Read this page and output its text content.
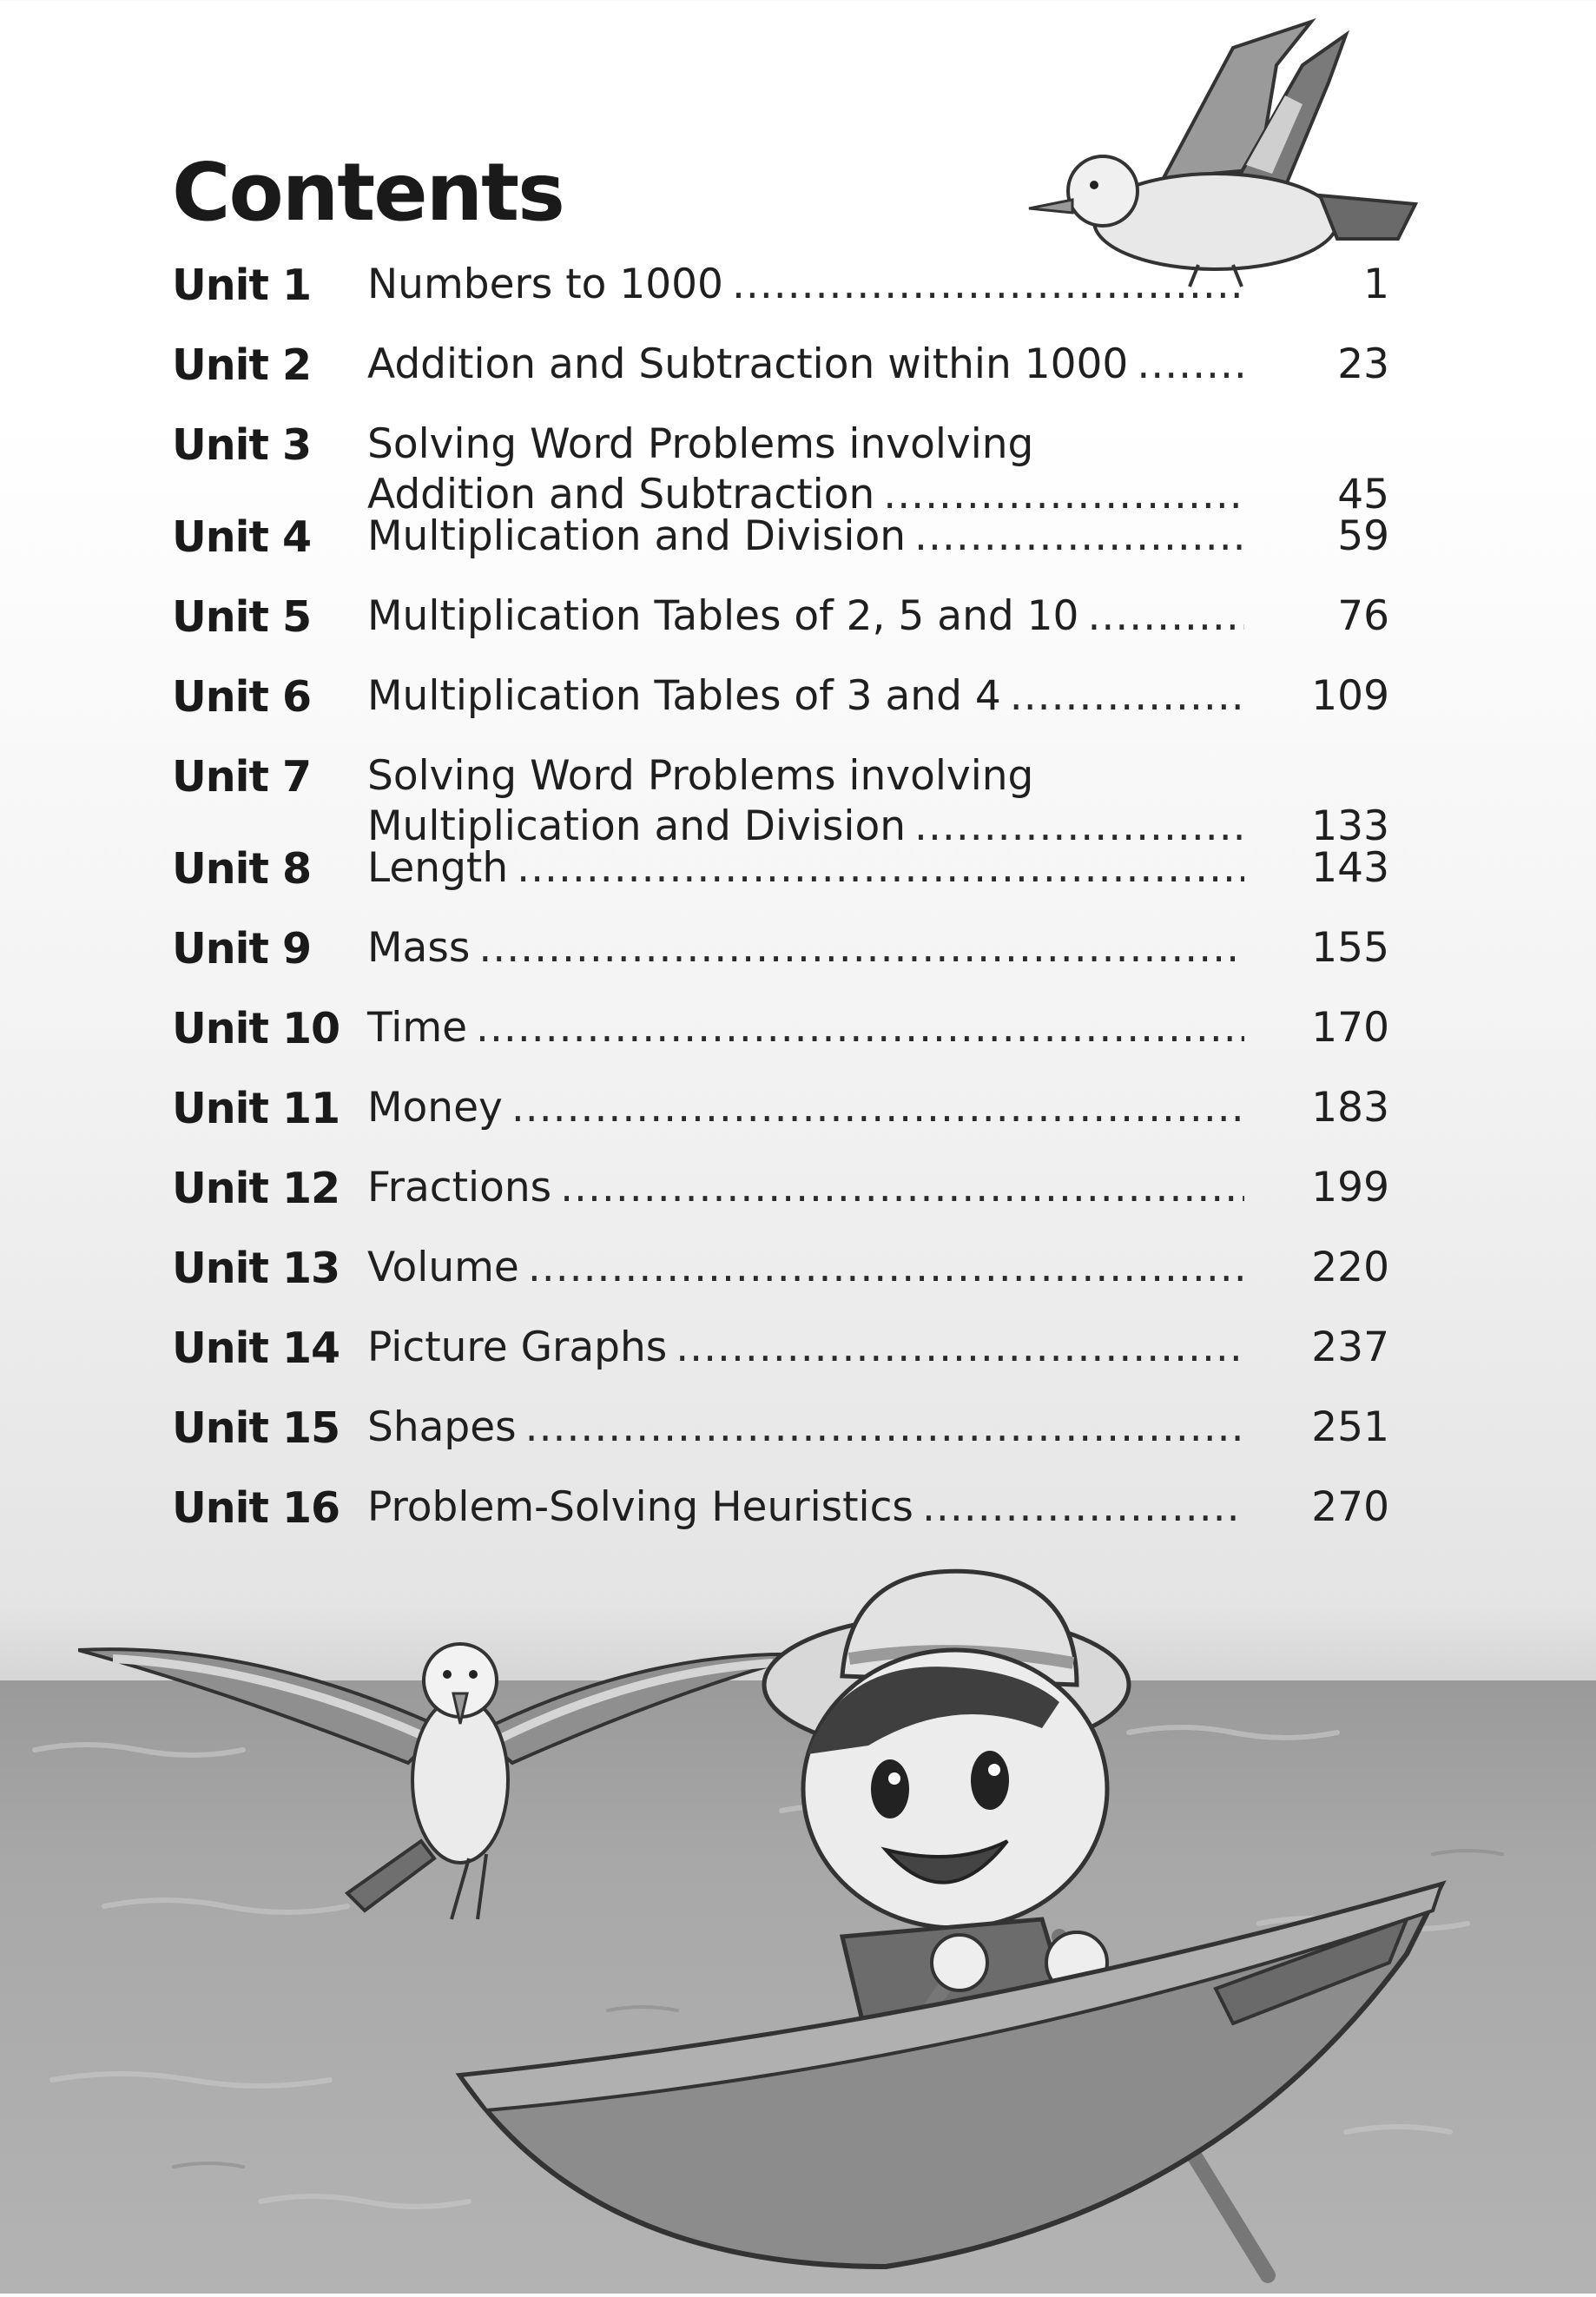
Contents
Unit 1 Numbers to 1000 .....	1
Unit 2 Addition and Subtraction within 1000 .....	23
Unit 3 Solving Word Problems involving
Addition and Subtraction .....	45
Unit 4 Multiplication and Division .....	59
Unit 5 Multiplication Tables of 2, 5 and 10 .....	76
Unit 6 Multiplication Tables of 3 and 4 .....	109
Unit 7 Solving Word Problems involving
Multiplication and Division .....	133
Unit 8 Length .....	143
Unit 9 Mass .....	155
Unit 10 Time .....	170
Unit 11 Money .....	183
Unit 12 Fractions .....	199
Unit 13 Volume .....	220
Unit 14 Picture Graphs .....	237
Unit 15 Shapes .....	251
Unit 16 Problem-Solving Heuristics .....	270
